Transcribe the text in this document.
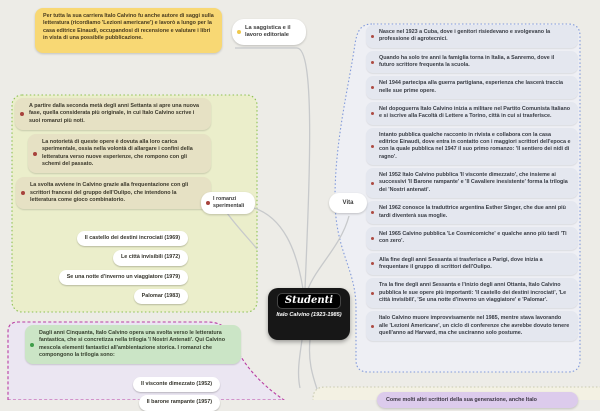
Per tutta la sua carriera Italo Calvino fu anche autore di saggi sulla letteratura (ricordiamo 'Lezioni americane') e lavorò a lungo per la casa editrice Einaudi, occupandosi di recensione e valutare i libri in vista di una possibile pubblicazione.
La saggistica e il lavoro editoriale
A partire dalla seconda metà degli anni Settanta si apre una nuova fase, quella considerata più originale, in cui Italo Calvino scrive i suoi romanzi più noti.
La notorietà di queste opere è dovuta alla loro carica sperimentale, ossia nella volontà di allargare i confini della letteratura verso nuove esperienze, che rompono con gli schemi del passato.
La svolta avviene in Calvino grazie alla frequentazione con gli scrittori francesi del gruppo dell'Oulipo, che intendono la letteratura come gioco combinatorio.
Il castello dei destini incrociati (1969)
Le città invisibili (1972)
Se una notte d'inverno un viaggiatore (1979)
Palomar (1983)
I romanzi sperimentali
Studenti
Italo Calvino (1923-1985)
Vita
Nasce nel 1923 a Cuba, dove i genitori risiedevano e svolgevano la professione di agrotecnici.
Quando ha solo tre anni la famiglia torna in Italia, a Sanremo, dove il futuro scrittore frequenta la scuola.
Nel 1944 partecipa alla guerra partigiana, esperienza che lascerà traccia nelle sue prime opere.
Nel dopoguerra Italo Calvino inizia a militare nel Partito Comunista Italiano e si iscrive alla Facoltà di Lettere a Torino, città in cui si trasferisce.
Intanto pubblica qualche racconto in rivista e collabora con la casa editrice Einaudi, dove entra in contatto con i maggiori scrittori dell'epoca e con la quale pubblica nel 1947 il suo primo romanzo: 'Il sentiero dei nidi di ragno'.
Nel 1952 Italo Calvino pubblica 'Il visconte dimezzato', che insieme ai successivi 'Il Barone rampante' e 'Il Cavaliere inesistente' forma la trilogia dei 'Nostri antenati'.
Nel 1962 conosce la traduttrice argentina Esther Singer, che due anni più tardi diventerà sua moglie.
Nel 1965 Calvino pubblica 'Le Cosmicomiche' e qualche anno più tardi 'Ti con zero'.
Alla fine degli anni Sessanta si trasferisce a Parigi, dove inizia a frequentare il gruppo di scrittori dell'Oulipo.
Tra la fine degli anni Sessanta e l'inizio degli anni Ottanta, Italo Calvino pubblica le sue opere più importanti: 'Il castello dei destini incrociati', 'Le città invisibili', 'Se una notte d'inverno un viaggiatore' e 'Palomar'.
Italo Calvino muore improvvisamente nel 1985, mentre stava lavorando alle 'Lezioni Americane', un ciclo di conferenze che avrebbe dovuto tenere quell'anno ad Harvard, ma che usciranno solo postume.
Dagli anni Cinquanta, Italo Calvino opera una svolta verso le letteratura fantastica, che si concretizza nella trilogia 'I Nostri Antenati'. Qui Calvino mescola elementi fantastici all'ambientazione storica. I romanzi che compongono la trilogia sono:
Il visconte dimezzato (1952)
Il barone rampante (1957)	Come molti altri scrittori della sua generazione, anche Italo
